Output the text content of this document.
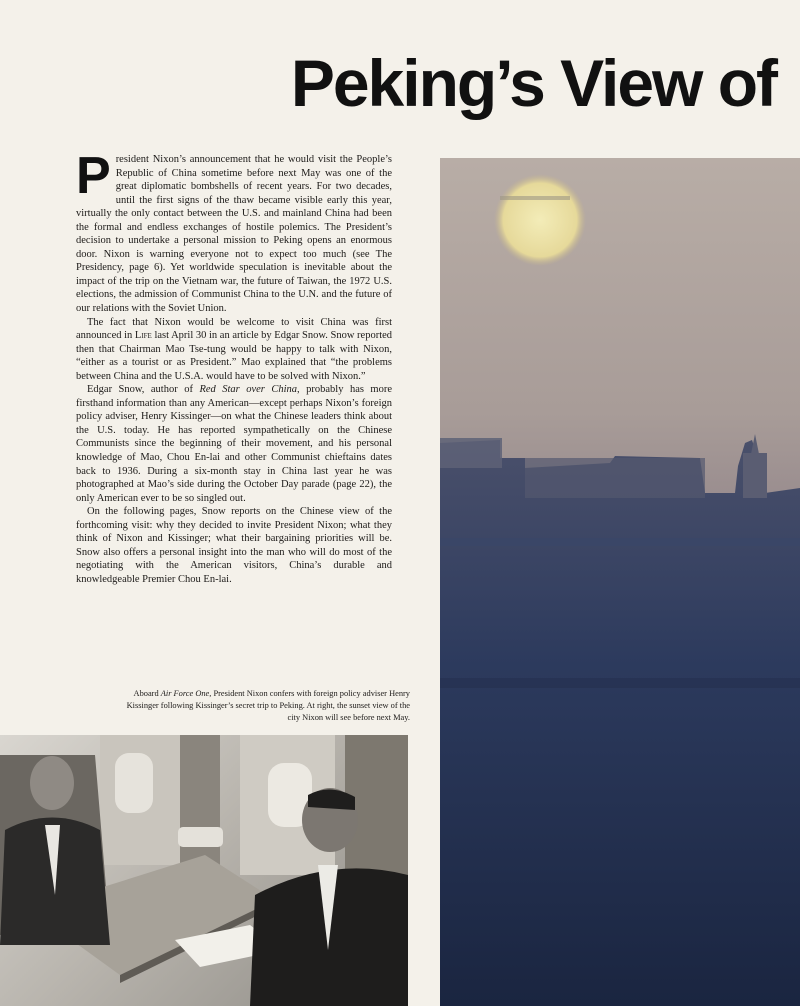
Peking’s View of

President Nixon’s announcement that he would visit the People’s Republic of China sometime before next May was one of the great diplomatic bombshells of recent years. For two decades, until the first signs of the thaw became visible early this year, virtually the only contact between the U.S. and mainland China had been the formal and endless exchanges of hostile polemics. The President’s decision to undertake a personal mission to Peking opens an enormous door. Nixon is warning everyone not to expect too much (see The Presidency, page 6). Yet worldwide speculation is inevitable about the impact of the trip on the Vietnam war, the future of Taiwan, the 1972 U.S. elections, the admission of Communist China to the U.N. and the future of our relations with the Soviet Union.

The fact that Nixon would be welcome to visit China was first announced in Life last April 30 in an article by Edgar Snow. Snow reported then that Chairman Mao Tse-tung would be happy to talk with Nixon, “either as a tourist or as President.” Mao explained that “the problems between China and the U.S.A. would have to be solved with Nixon.”

Edgar Snow, author of Red Star over China, probably has more firsthand information than any American—except perhaps Nixon’s foreign policy adviser, Henry Kissinger—on what the Chinese leaders think about the U.S. today. He has reported sympathetically on the Chinese Communists since the beginning of their movement, and his personal knowledge of Mao, Chou En-lai and other Communist chieftains dates back to 1936. During a six-month stay in China last year he was photographed at Mao’s side during the October Day parade (page 22), the only American ever to be so singled out.

On the following pages, Snow reports on the Chinese view of the forthcoming visit: why they decided to invite President Nixon; what they think of Nixon and Kissinger; what their bargaining priorities will be. Snow also offers a personal insight into the man who will do most of the negotiating with the American visitors, China’s durable and knowledgeable Premier Chou En-lai.

Aboard Air Force One, President Nixon confers with foreign policy adviser Henry Kissinger following Kissinger’s secret trip to Peking. At right, the sunset view of the city Nixon will see before next May.
